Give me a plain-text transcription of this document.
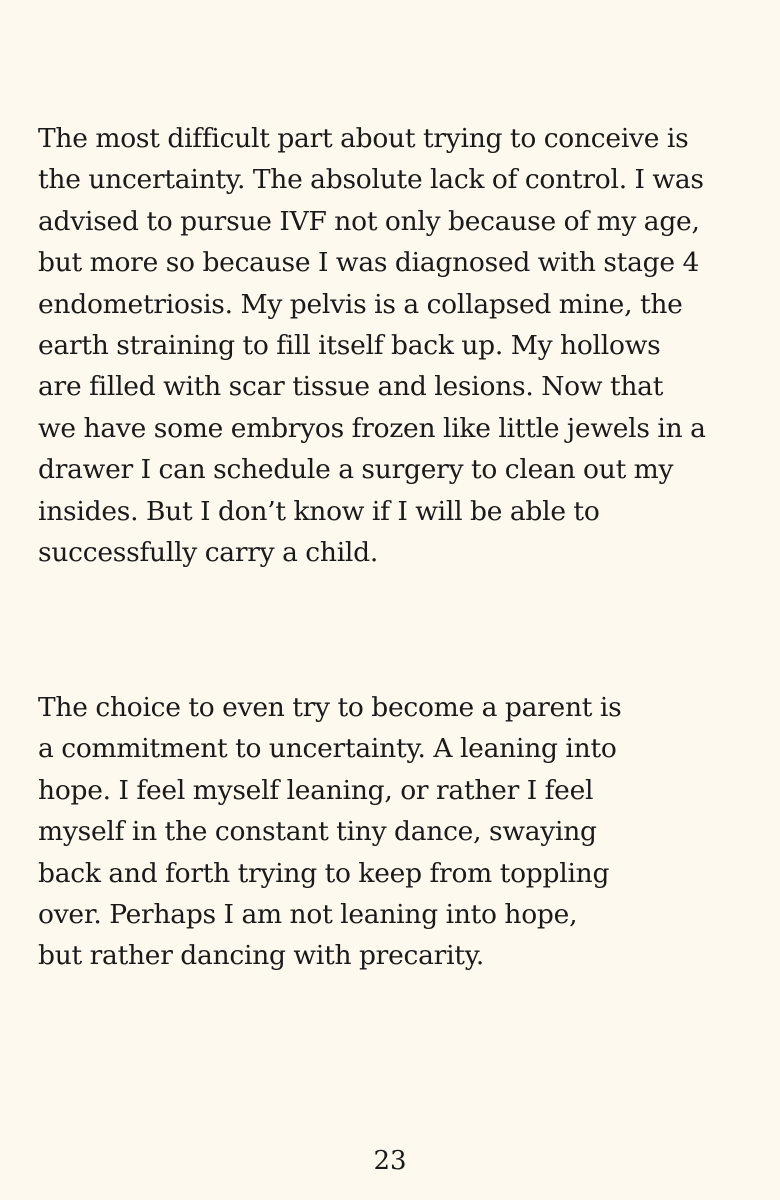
The most difficult part about trying to conceive is
the uncertainty. The absolute lack of control. I was
advised to pursue IVF not only because of my age,
but more so because I was diagnosed with stage 4
endometriosis. My pelvis is a collapsed mine, the
earth straining to fill itself back up. My hollows
are filled with scar tissue and lesions. Now that
we have some embryos frozen like little jewels in a
drawer I can schedule a surgery to clean out my
insides. But I don’t know if I will be able to
successfully carry a child.

The choice to even try to become a parent is
a commitment to uncertainty. A leaning into
hope. I feel myself leaning, or rather I feel
myself in the constant tiny dance, swaying
back and forth trying to keep from toppling
over. Perhaps I am not leaning into hope,
but rather dancing with precarity.

23
